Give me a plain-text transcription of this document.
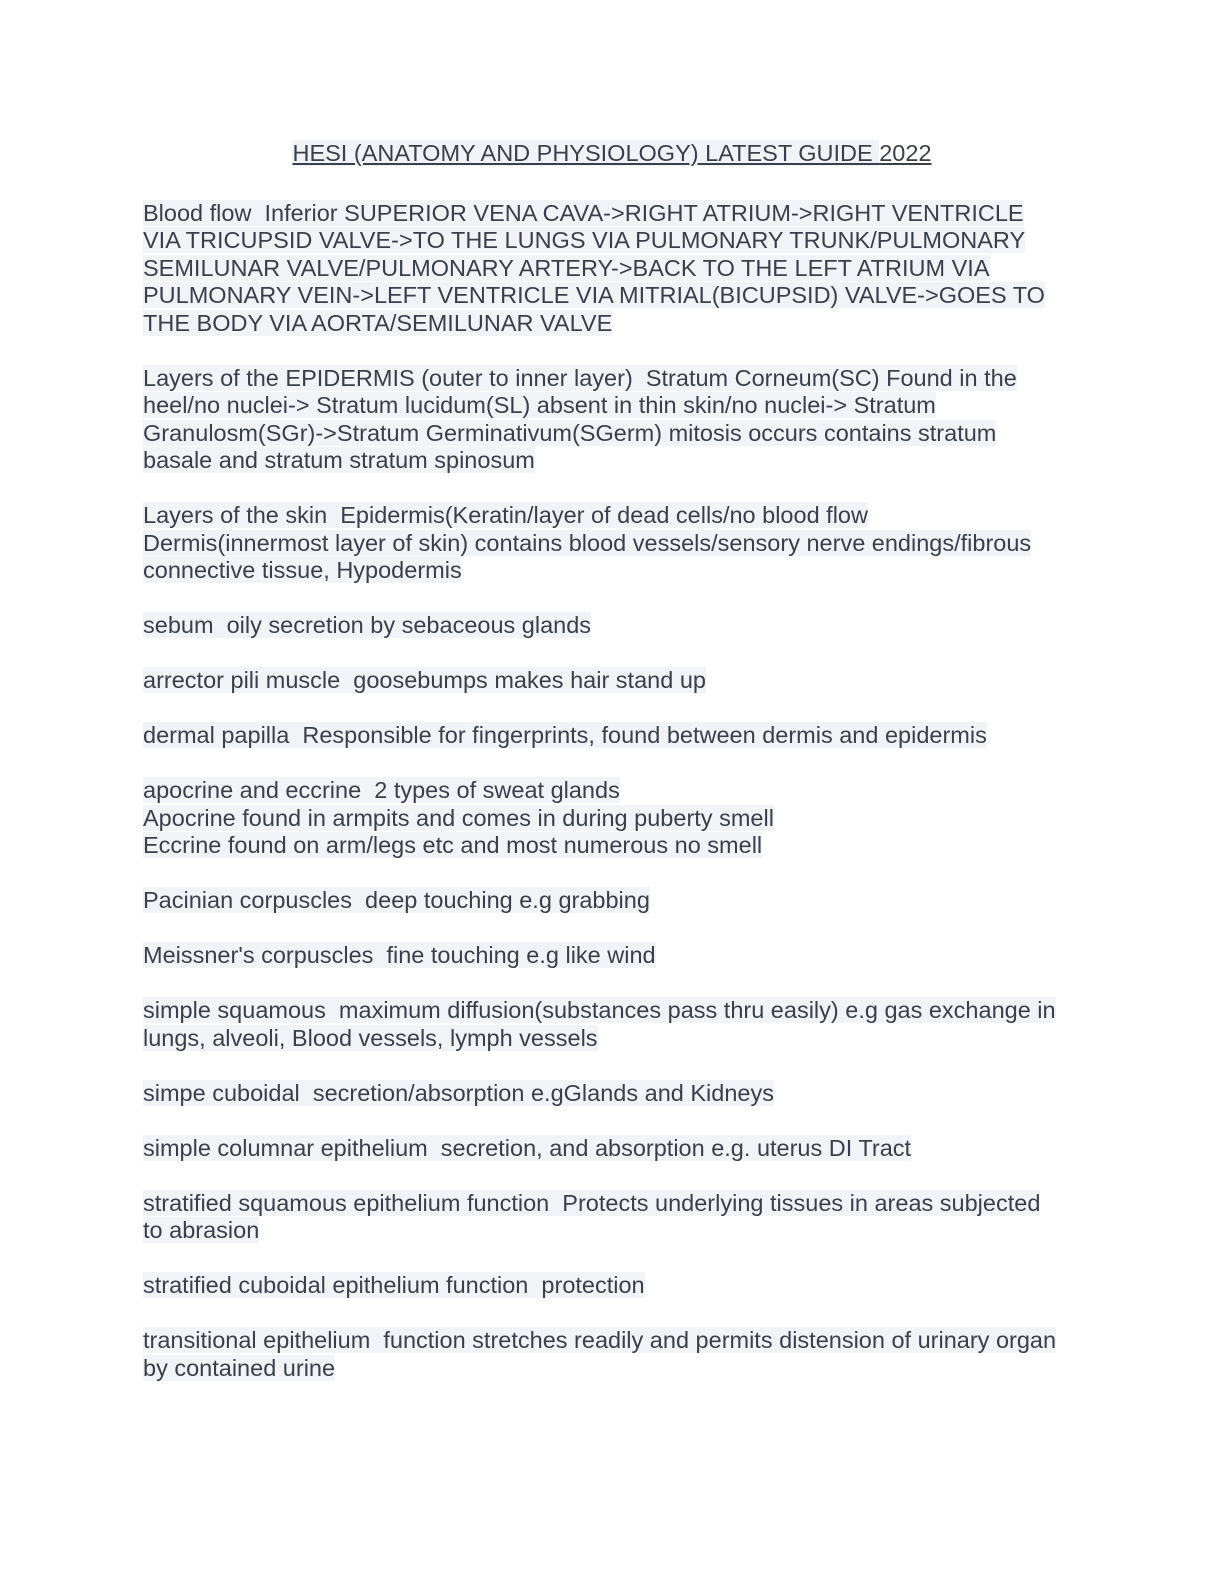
HESI (ANATOMY AND PHYSIOLOGY) LATEST GUIDE 2022
Blood flow  Inferior SUPERIOR VENA CAVA->RIGHT ATRIUM->RIGHT VENTRICLE
VIA TRICUPSID VALVE->TO THE LUNGS VIA PULMONARY TRUNK/PULMONARY
SEMILUNAR VALVE/PULMONARY ARTERY->BACK TO THE LEFT ATRIUM VIA
PULMONARY VEIN->LEFT VENTRICLE VIA MITRIAL(BICUPSID) VALVE->GOES TO
THE BODY VIA AORTA/SEMILUNAR VALVE
Layers of the EPIDERMIS (outer to inner layer)  Stratum Corneum(SC) Found in the
heel/no nuclei-> Stratum lucidum(SL) absent in thin skin/no nuclei-> Stratum
Granulosm(SGr)->Stratum Germinativum(SGerm) mitosis occurs contains stratum
basale and stratum stratum spinosum
Layers of the skin  Epidermis(Keratin/layer of dead cells/no blood flow
Dermis(innermost layer of skin) contains blood vessels/sensory nerve endings/fibrous
connective tissue, Hypodermis
sebum  oily secretion by sebaceous glands
arrector pili muscle  goosebumps makes hair stand up
dermal papilla  Responsible for fingerprints, found between dermis and epidermis
apocrine and eccrine  2 types of sweat glands
Apocrine found in armpits and comes in during puberty smell
Eccrine found on arm/legs etc and most numerous no smell
Pacinian corpuscles  deep touching e.g grabbing
Meissner's corpuscles  fine touching e.g like wind
simple squamous  maximum diffusion(substances pass thru easily) e.g gas exchange in
lungs, alveoli, Blood vessels, lymph vessels
simpe cuboidal  secretion/absorption e.gGlands and Kidneys
simple columnar epithelium  secretion, and absorption e.g. uterus DI Tract
stratified squamous epithelium function  Protects underlying tissues in areas subjected
to abrasion
stratified cuboidal epithelium function  protection
transitional epithelium  function stretches readily and permits distension of urinary organ
by contained urine
